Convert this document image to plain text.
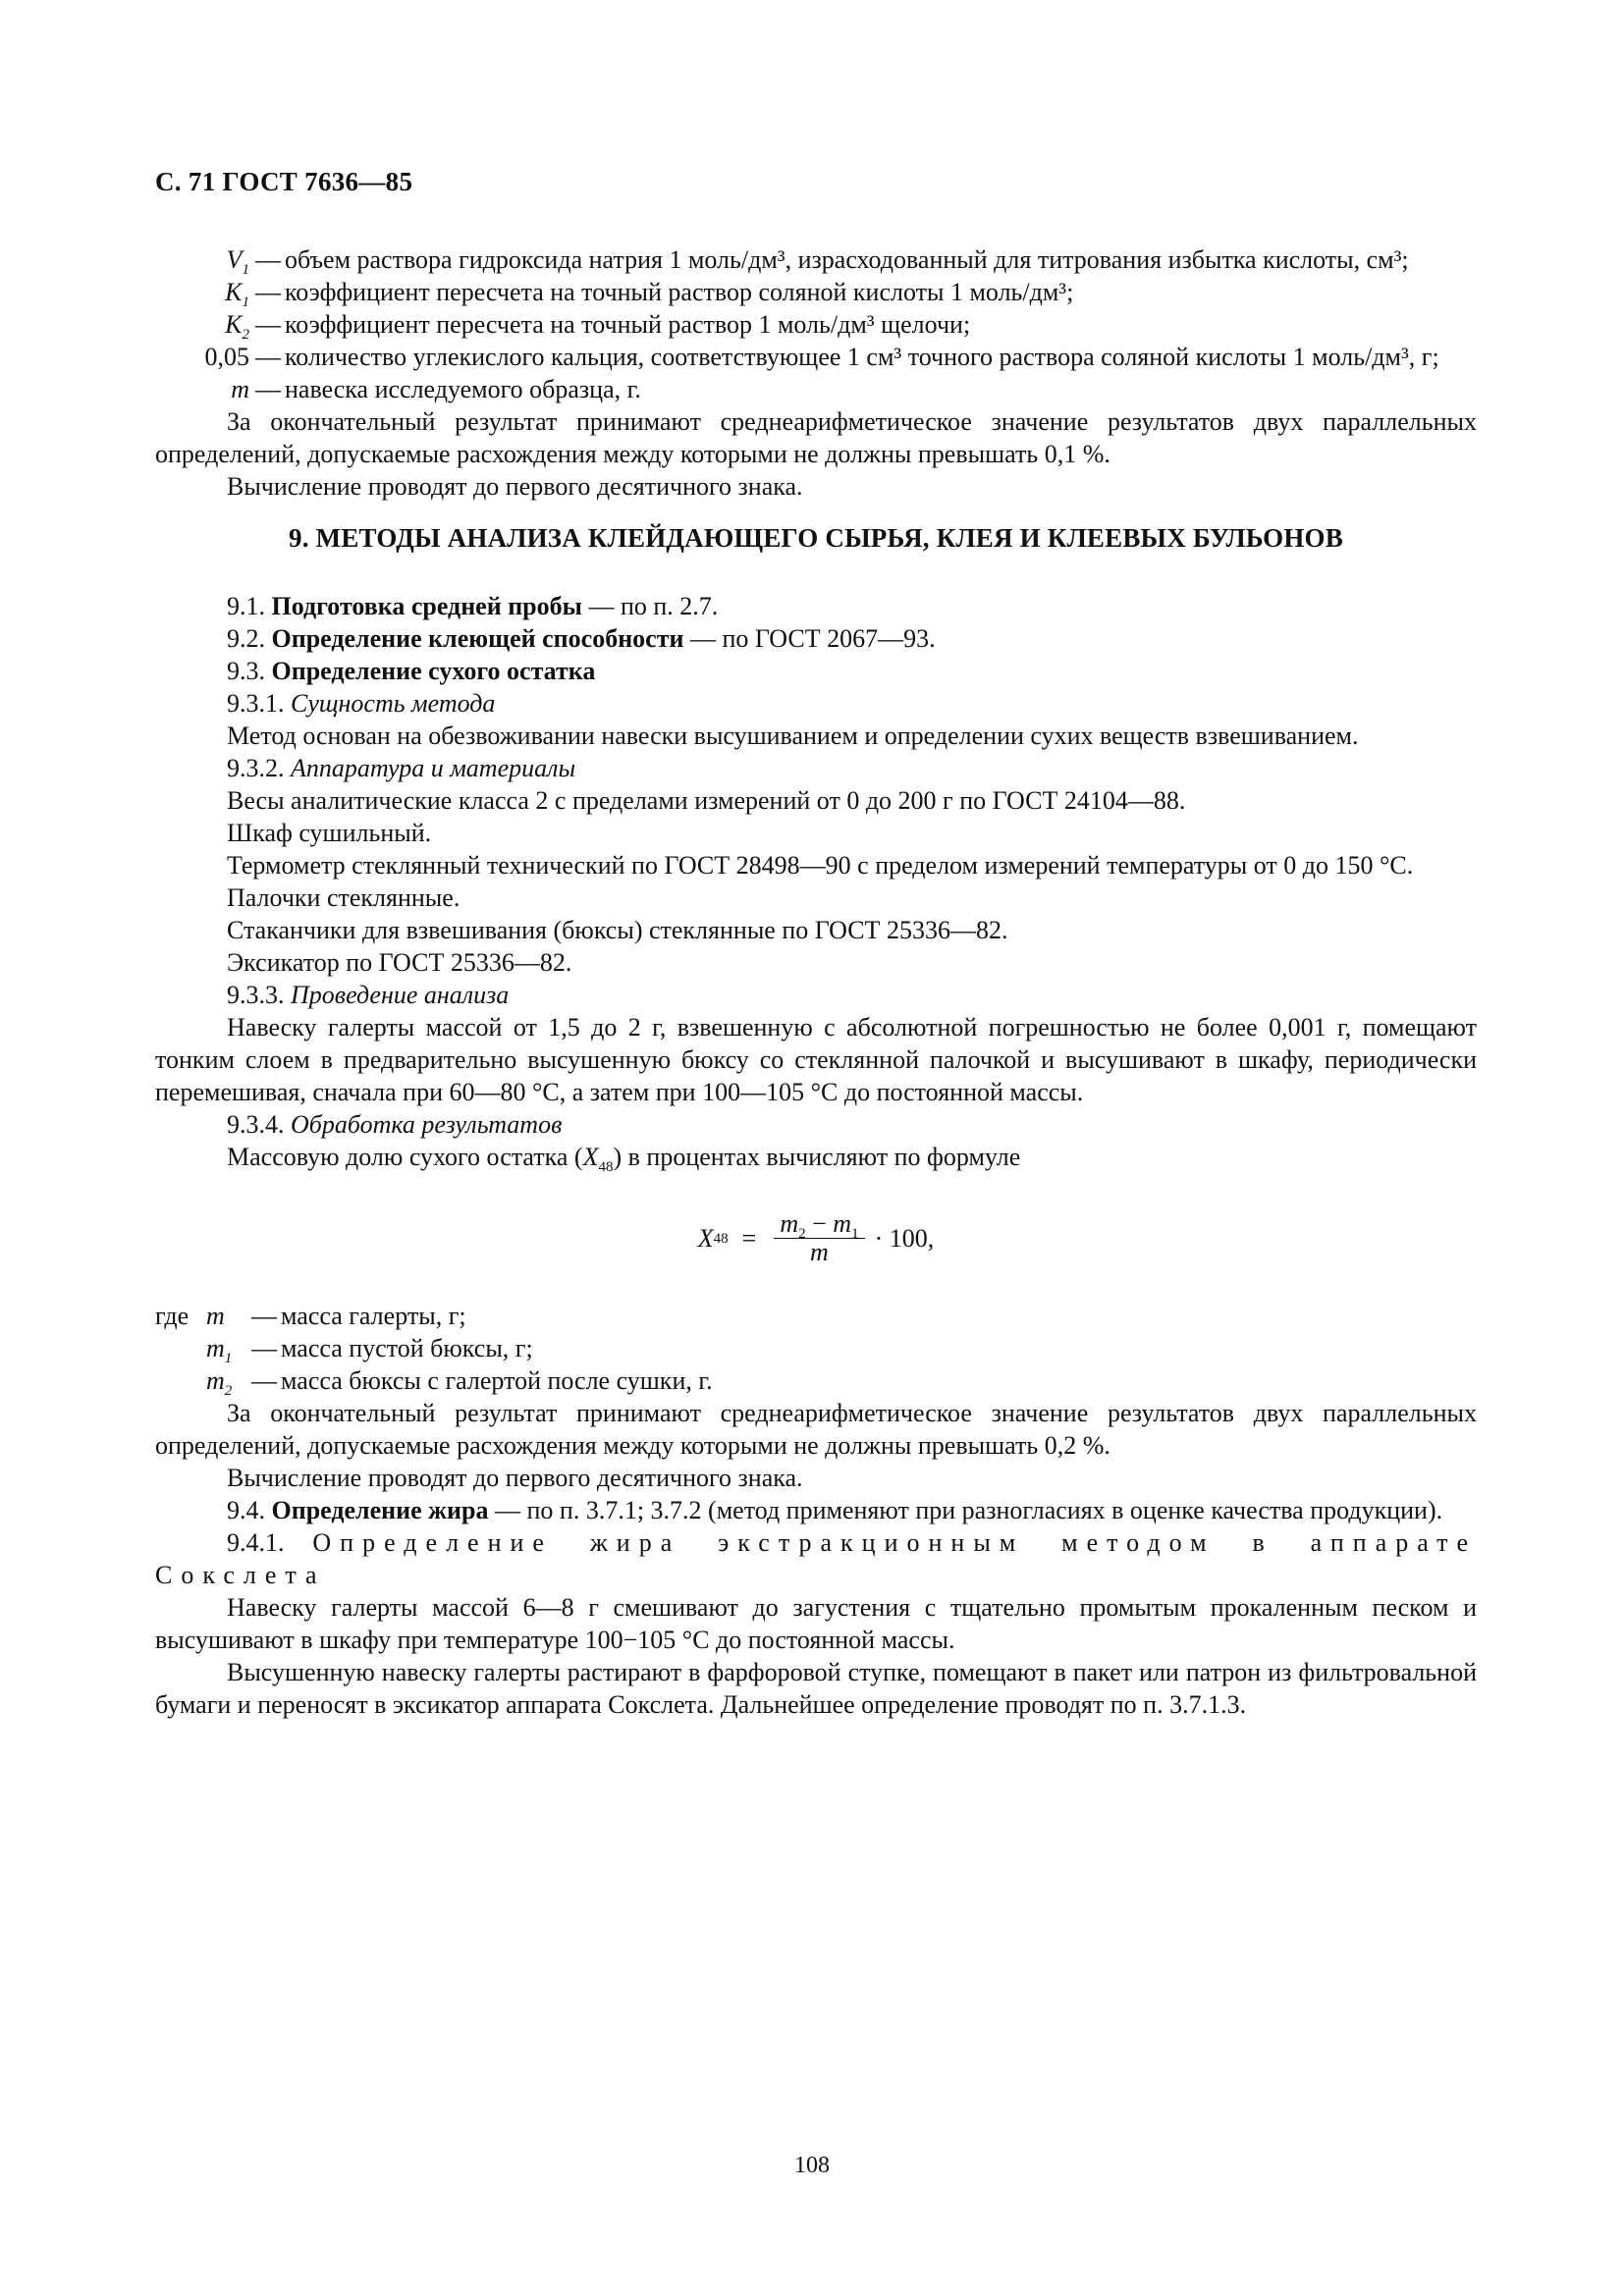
С. 71 ГОСТ 7636—85
$V_1$ — объем раствора гидроксида натрия 1 моль/дм³, израсходованный для титрования избытка кислоты, см³;
$K_1$ — коэффициент пересчета на точный раствор соляной кислоты 1 моль/дм³;
$K_2$ — коэффициент пересчета на точный раствор 1 моль/дм³ щелочи;
0,05 — количество углекислого кальция, соответствующее 1 см³ точного раствора соляной кислоты 1 моль/дм³, г;
m — навеска исследуемого образца, г.

За окончательный результат принимают среднеарифметическое значение результатов двух параллельных определений, допускаемые расхождения между которыми не должны превышать 0,1 %.

Вычисление проводят до первого десятичного знака.

9. МЕТОДЫ АНАЛИЗА КЛЕЙДАЮЩЕГО СЫРЬЯ, КЛЕЯ И КЛЕЕВЫХ БУЛЬОНОВ

9.1. Подготовка средней пробы — по п. 2.7.

9.2. Определение клеющей способности — по ГОСТ 2067—93.

9.3. Определение сухого остатка

9.3.1. Сущность метода

Метод основан на обезвоживании навески высушиванием и определении сухих веществ взвешиванием.

9.3.2. Аппаратура и материалы

Весы аналитические класса 2 с пределами измерений от 0 до 200 г по ГОСТ 24104—88.

Шкаф сушильный.

Термометр стеклянный технический по ГОСТ 28498—90 с пределом измерений температуры от 0 до 150 °С.

Палочки стеклянные.

Стаканчики для взвешивания (бюксы) стеклянные по ГОСТ 25336—82.

Эксикатор по ГОСТ 25336—82.

9.3.3. Проведение анализа

Навеску галерты массой от 1,5 до 2 г, взвешенную с абсолютной погрешностью не более 0,001 г, помещают тонким слоем в предварительно высушенную бюксу со стеклянной палочкой и высушивают в шкафу, периодически перемешивая, сначала при 60—80 °С, а затем при 100—105 °С до постоянной массы.

9.3.4. Обработка результатов

Массовую долю сухого остатка $(X_{48})$ в процентах вычисляют по формуле

X $48 = \frac{m_2 - m_1}{m} \cdot 100$,
где m	— масса галерты, г;
$m_1$ — масса пустой бюксы, г;
$m_2$ — масса бюксы с галертой после сушки, г.

За окончательный результат принимают среднеарифметическое значение результатов двух параллельных определений, допускаемые расхождения между которыми не должны превышать 0,2 %.

Вычисление проводят до первого десятичного знака.

9.4. Определение жира — по п. 3.7.1; 3.7.2 (метод применяют при разногласиях в оценке качества продукции).

9.4.1. Определение жира экстракционным методом в аппарате Сокслета

Навеску галерты массой 6—8 г смешивают до загустения с тщательно промытым прокаленным песком и высушивают в шкафу при температуре 100−105 °С до постоянной массы.

Высушенную навеску галерты растирают в фарфоровой ступке, помещают в пакет или патрон из фильтровальной бумаги и переносят в эксикатор аппарата Сокслета. Дальнейшее определение проводят по п. 3.7.1.3.

108
